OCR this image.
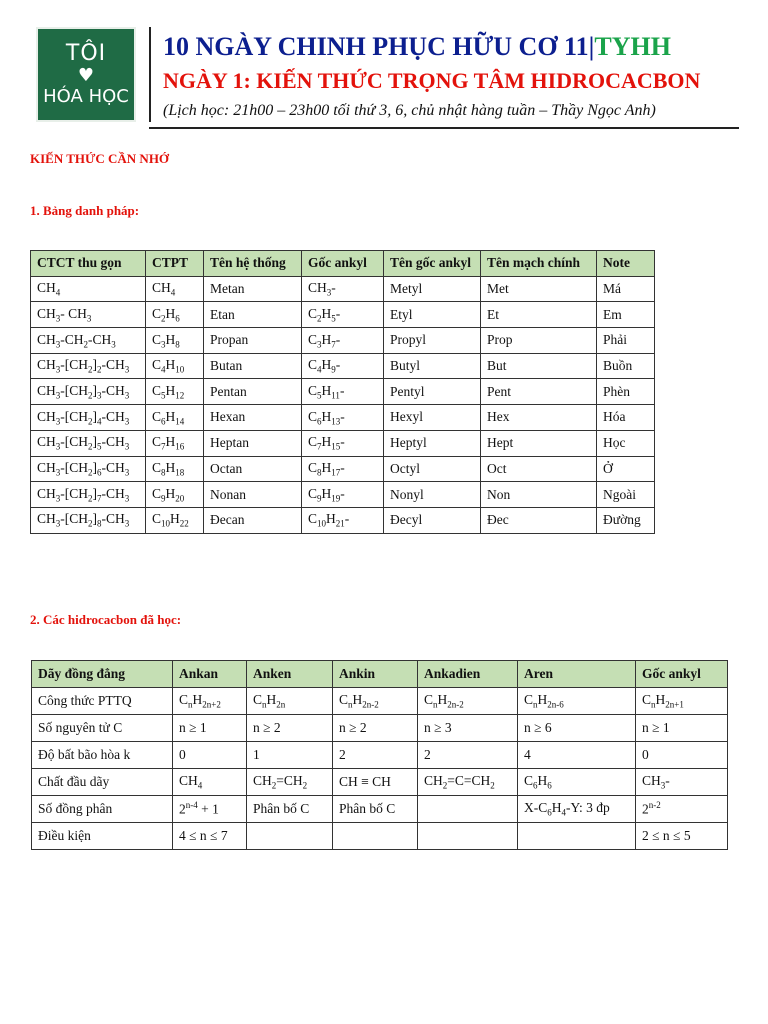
TÔI
♥
HÓA HỌC
10 NGÀY CHINH PHỤC HỮU CƠ 11|TYHH
NGÀY 1: KIẾN THỨC TRỌNG TÂM HIDROCACBON
(Lịch học: 21h00 – 23h00 tối thứ 3, 6, chủ nhật hàng tuần – Thầy Ngọc Anh)
KIẾN THỨC CẦN NHỚ
1. Bảng danh pháp:
CTCT thu gọn	CTPT	Tên hệ thống	Gốc ankyl	Tên gốc ankyl	Tên mạch chính	Note
$CH_4$	$CH_4$	Metan	$CH_3-$	Metyl	Met	Má
$CH_3-$ $CH_3$	$C_2H_6$	Etan	$C_2H_5-$	Etyl	Et	Em
$CH_3-CH_2-CH_3$	$C_3H_8$	Propan	$C_3H_7-$	Propyl	Prop	Phải
$CH_3-[CH_2]_2-CH_3$	$C_4H_{10}$	Butan	$C_4H_9-$	Butyl	But	Buồn
$CH_3-[CH_2]_3-CH_3$	$C_5H_{12}$	Pentan	$C_5H_{11}-$	Pentyl	Pent	Phèn
$CH_3-[CH_2]_4-CH_3$	$C_6H_{14}$	Hexan	$C_6H_{13}-$	Hexyl	Hex	Hóa
$CH_3-[CH_2]_5-CH_3$	$C_7H_{16}$	Heptan	$C_7H_{15}-$	Heptyl	Hept	Học
$CH_3-[CH_2]_6-CH_3$	$C_8H_{18}$	Octan	$C_8H_{17}-$	Octyl	Oct	Ở
$CH_3-[CH_2]_7-CH_3$	$C_9H_{20}$	Nonan	$C_9H_{19}-$	Nonyl	Non	Ngoài
$CH_3-[CH_2]_8-CH_3$	$C_{10}H_{22}$	Đecan	$C_{10}H_{21}-$	Đecyl	Đec	Đường
2. Các hidrocacbon đã học:
Dãy đồng đẳng	Ankan	Anken	Ankin	Ankadien	Aren	Gốc ankyl
Công thức PTTQ	$C_nH_{2n+2}$	$C_nH_{2n}$	$C_nH_{2n-2}$	$C_nH_{2n-2}$	$C_nH_{2n-6}$	$C_nH_{2n+1}$
Số nguyên tử C	n ≥ 1	n ≥ 2	n ≥ 2	n ≥ 3	n ≥ 6	n ≥ 1
Độ bất bão hòa k	0	1	2	2	4	0
Chất đầu dãy	$CH_4$	$CH_2=CH_2$	CH ≡ CH	$CH_2=C=CH_2$	$C_6H_6$	$CH_3-$
Số đồng phân	$2^{n-4} + 1$	Phân bố C	Phân bố C		$X-C_6H_4-Y$: 3 đp	2$^{n-2}$
Điều kiện	4 ≤ n ≤ 7					2 ≤ n ≤ 5
